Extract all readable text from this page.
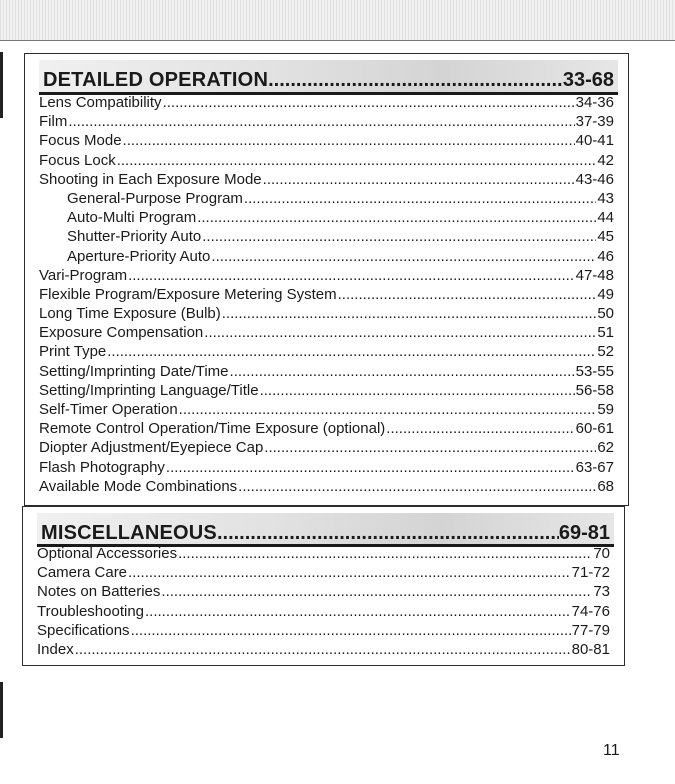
DETAILED OPERATION .....	33-68
Lens Compatibility .....	34-36
Film .....	37-39
Focus Mode .....	40-41
Focus Lock .....	42
Shooting in Each Exposure Mode .....	43-46
General-Purpose Program .....	43
Auto-Multi Program .....	44
Shutter-Priority Auto .....	45
Aperture-Priority Auto .....	46
Vari-Program .....	47-48
Flexible Program/Exposure Metering System .....	49
Long Time Exposure (Bulb) .....	50
Exposure Compensation .....	51
Print Type .....	52
Setting/Imprinting Date/Time .....	53-55
Setting/Imprinting Language/Title .....	56-58
Self-Timer Operation .....	59
Remote Control Operation/Time Exposure (optional) .....	60-61
Diopter Adjustment/Eyepiece Cap .....	62
Flash Photography .....	63-67
Available Mode Combinations .....	68
MISCELLANEOUS .....	69-81
Optional Accessories .....	70
Camera Care .....	71-72
Notes on Batteries .....	73
Troubleshooting .....	74-76
Specifications .....	77-79
Index .....	80-81
11
